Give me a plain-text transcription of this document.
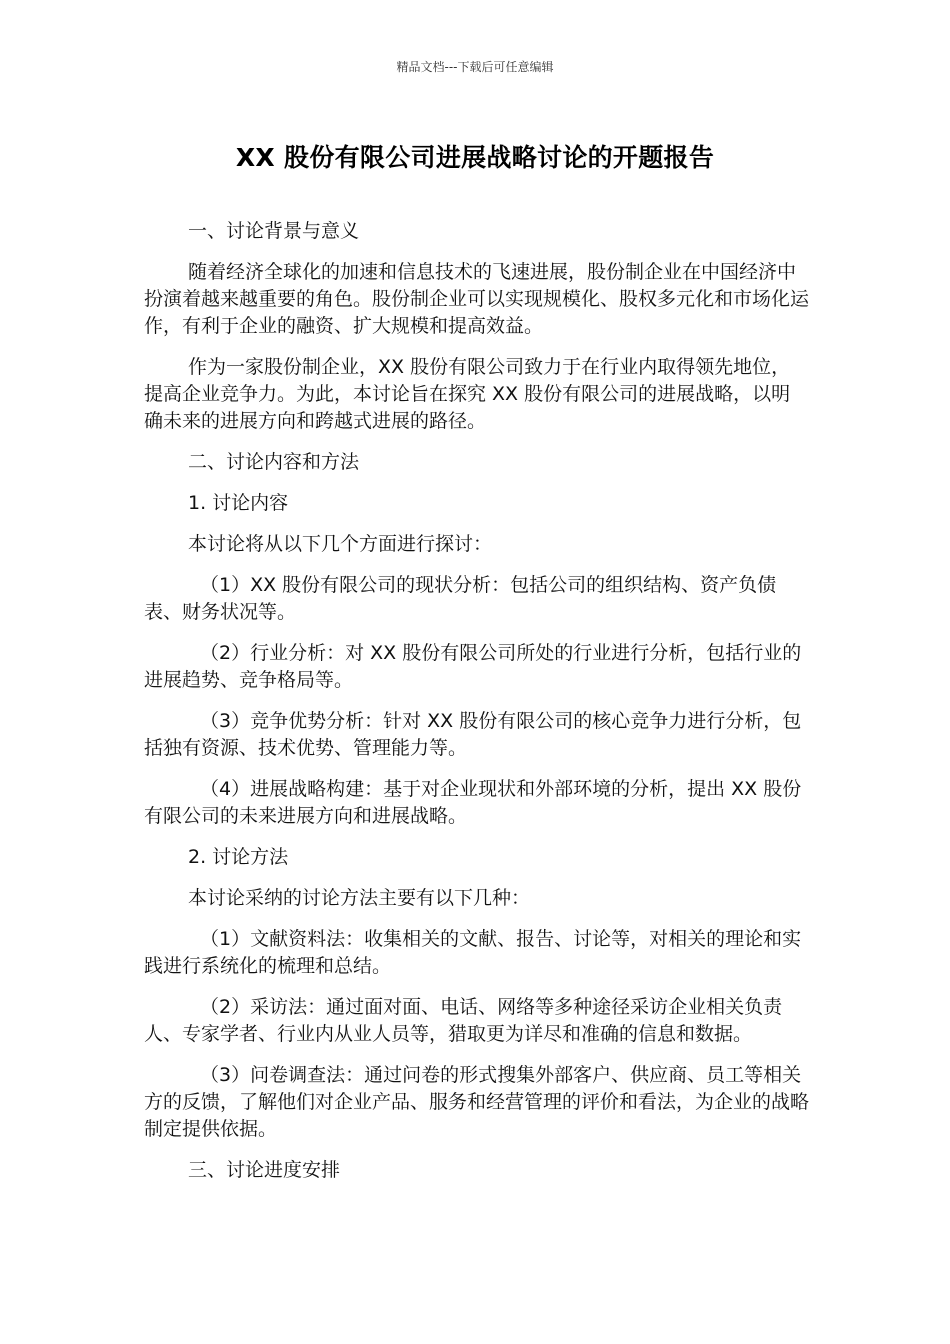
精品文档---下载后可任意编辑
XX 股份有限公司进展战略讨论的开题报告

一、讨论背景与意义

随着经济全球化的加速和信息技术的飞速进展，股份制企业在中国经济中扮演着越来越重要的角色。股份制企业可以实现规模化、股权多元化和市场化运作，有利于企业的融资、扩大规模和提高效益。

作为一家股份制企业，XX 股份有限公司致力于在行业内取得领先地位，提高企业竞争力。为此，本讨论旨在探究 XX 股份有限公司的进展战略，以明确未来的进展方向和跨越式进展的路径。

二、讨论内容和方法

1. 讨论内容

本讨论将从以下几个方面进行探讨：

（1）XX 股份有限公司的现状分析：包括公司的组织结构、资产负债表、财务状况等。

（2）行业分析：对 XX 股份有限公司所处的行业进行分析，包括行业的进展趋势、竞争格局等。

（3）竞争优势分析：针对 XX 股份有限公司的核心竞争力进行分析，包括独有资源、技术优势、管理能力等。

（4）进展战略构建：基于对企业现状和外部环境的分析，提出 XX 股份有限公司的未来进展方向和进展战略。

2. 讨论方法

本讨论采纳的讨论方法主要有以下几种：

（1）文献资料法：收集相关的文献、报告、讨论等，对相关的理论和实践进行系统化的梳理和总结。

（2）采访法：通过面对面、电话、网络等多种途径采访企业相关负责人、专家学者、行业内从业人员等，猎取更为详尽和准确的信息和数据。

（3）问卷调查法：通过问卷的形式搜集外部客户、供应商、员工等相关方的反馈，了解他们对企业产品、服务和经营管理的评价和看法，为企业的战略制定提供依据。

三、讨论进度安排
